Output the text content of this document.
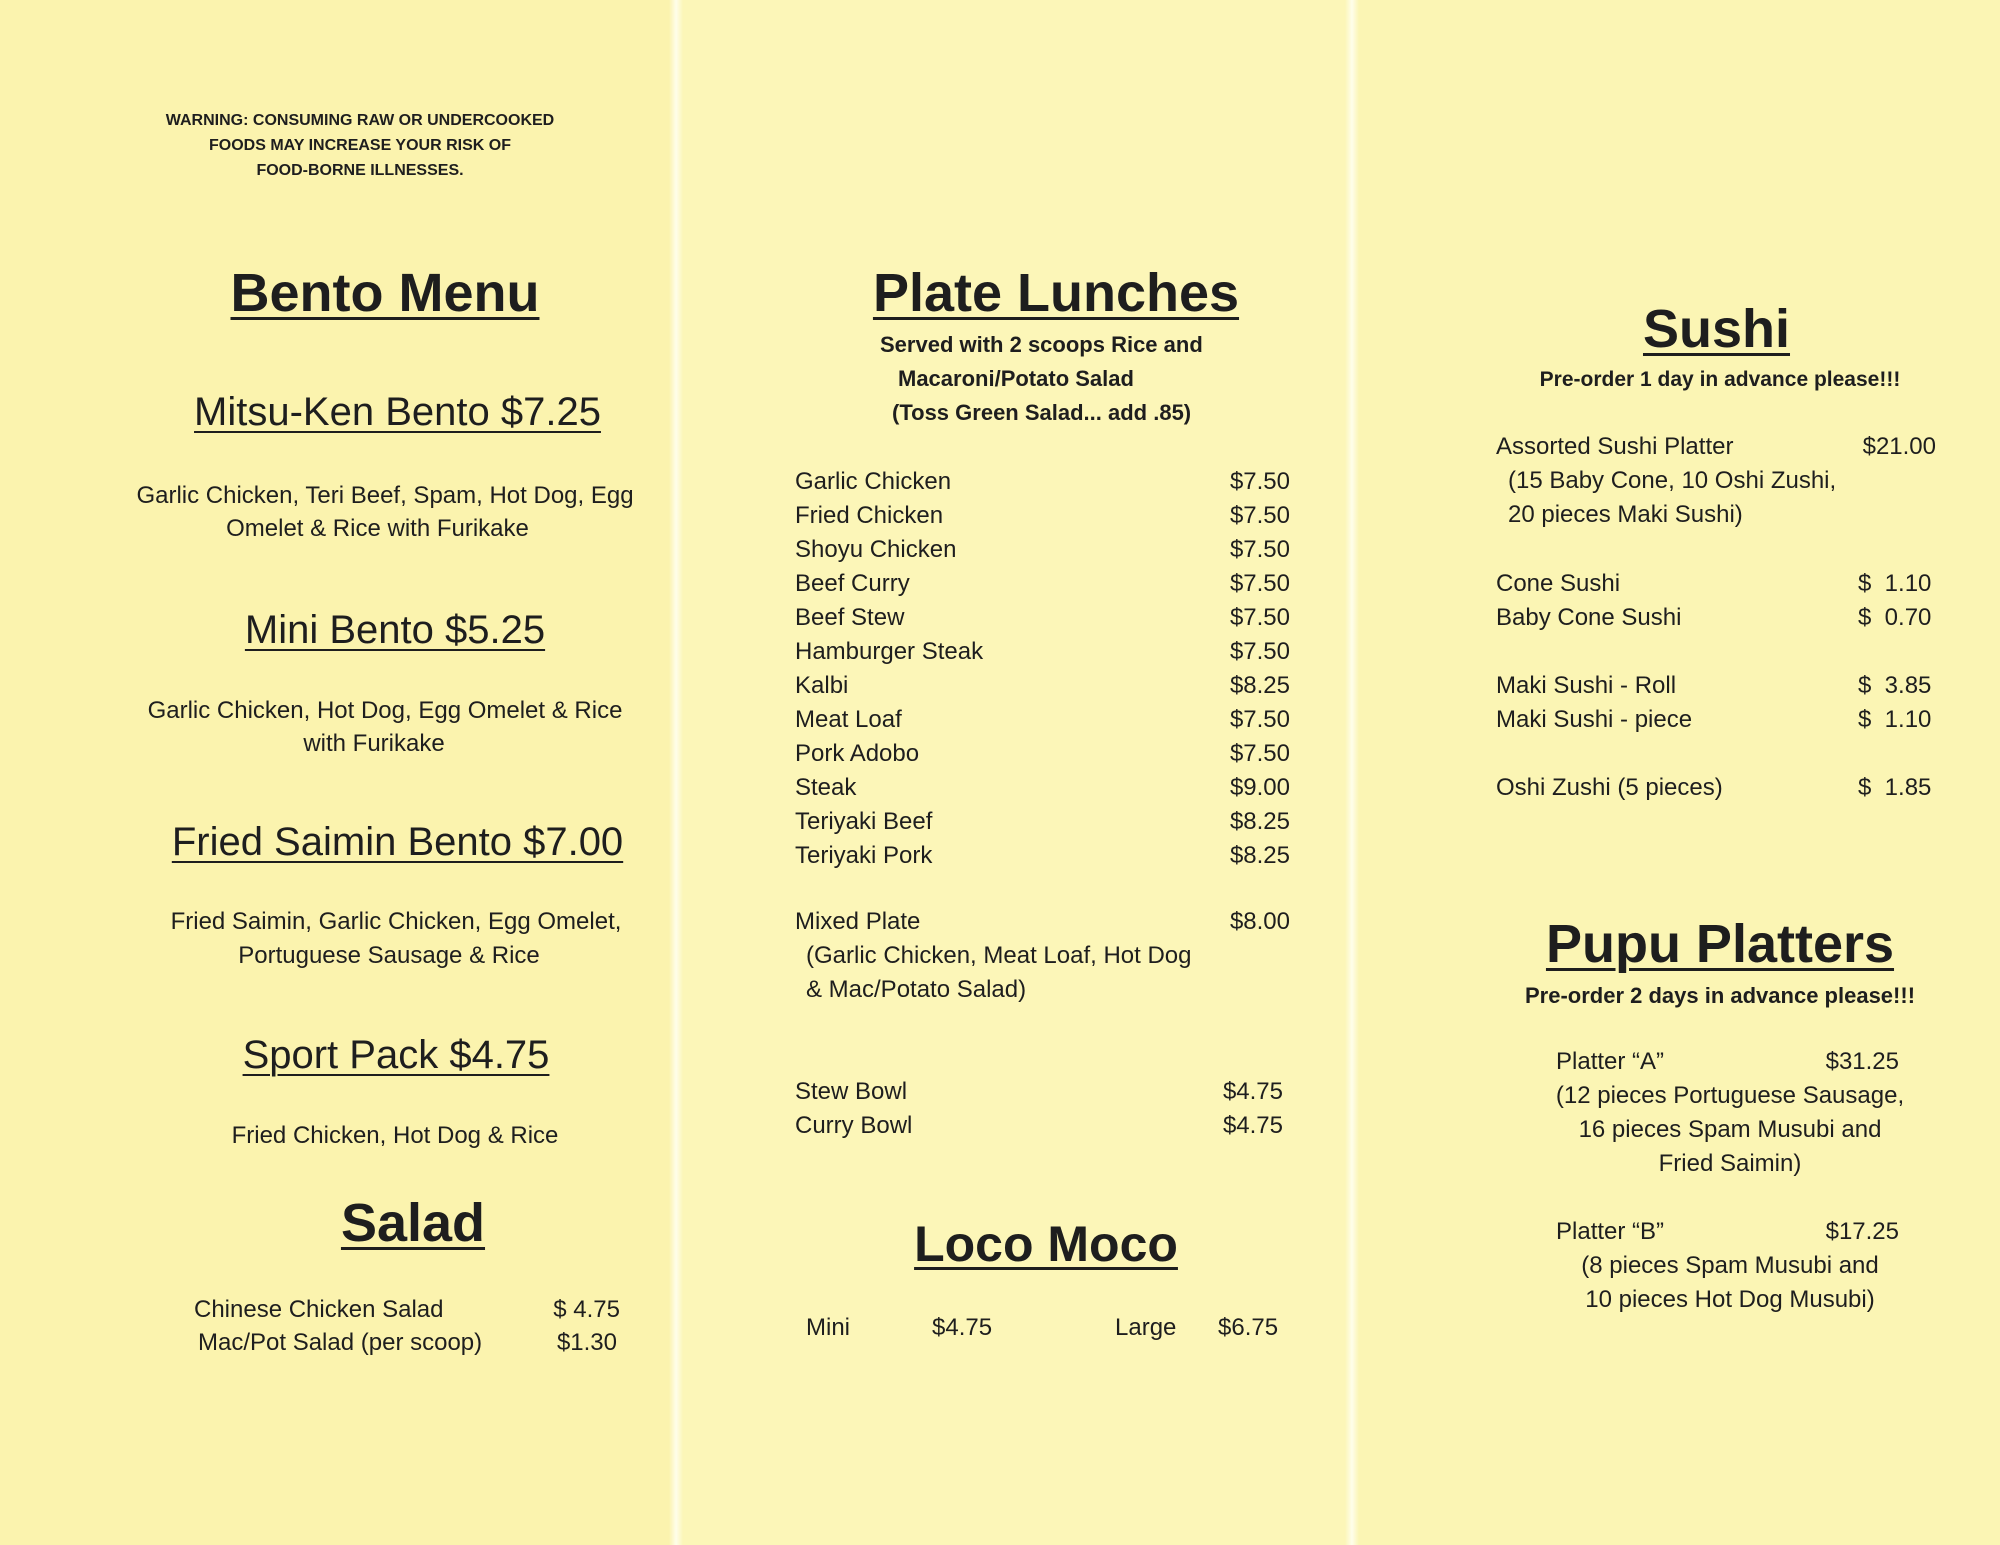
WARNING: CONSUMING RAW OR UNDERCOOKED
FOODS MAY INCREASE YOUR RISK OF
FOOD-BORNE ILLNESSES.
Bento Menu
Mitsu-Ken Bento $7.25
Garlic Chicken, Teri Beef, Spam, Hot Dog, Egg
Omelet & Rice with Furikake
Mini Bento $5.25
Garlic Chicken, Hot Dog, Egg Omelet & Rice
with Furikake
Fried Saimin Bento $7.00
Fried Saimin, Garlic Chicken, Egg Omelet,
Portuguese Sausage & Rice
Sport Pack $4.75
Fried Chicken, Hot Dog & Rice
Salad
Chinese Chicken Salad	$ 4.75
Mac/Pot Salad (per scoop)	$1.30
Plate Lunches
Served with 2 scoops Rice and
Macaroni/Potato Salad
(Toss Green Salad... add .85)
Garlic Chicken	$7.50
Fried Chicken	$7.50
Shoyu Chicken	$7.50
Beef Curry	$7.50
Beef Stew	$7.50
Hamburger Steak	$7.50
Kalbi	$8.25
Meat Loaf	$7.50
Pork Adobo	$7.50
Steak	$9.00
Teriyaki Beef	$8.25
Teriyaki Pork	$8.25
Mixed Plate	$8.00
(Garlic Chicken, Meat Loaf, Hot Dog
& Mac/Potato Salad)
Stew Bowl	$4.75
Curry Bowl	$4.75
Loco Moco
Mini	$4.75	Large $6.75
Sushi
Pre-order 1 day in advance please!!!
Assorted Sushi Platter	$21.00
(15 Baby Cone, 10 Oshi Zushi,
20 pieces Maki Sushi)
Cone Sushi	$  1.10
Baby Cone Sushi	$  0.70
Maki Sushi - Roll	$  3.85
Maki Sushi - piece	$  1.10
Oshi Zushi (5 pieces)	$  1.85
Pupu Platters
Pre-order 2 days in advance please!!!
Platter “A”	$31.25
(12 pieces Portuguese Sausage,
16 pieces Spam Musubi and
Fried Saimin)
Platter “B”	$17.25
(8 pieces Spam Musubi and
10 pieces Hot Dog Musubi)
